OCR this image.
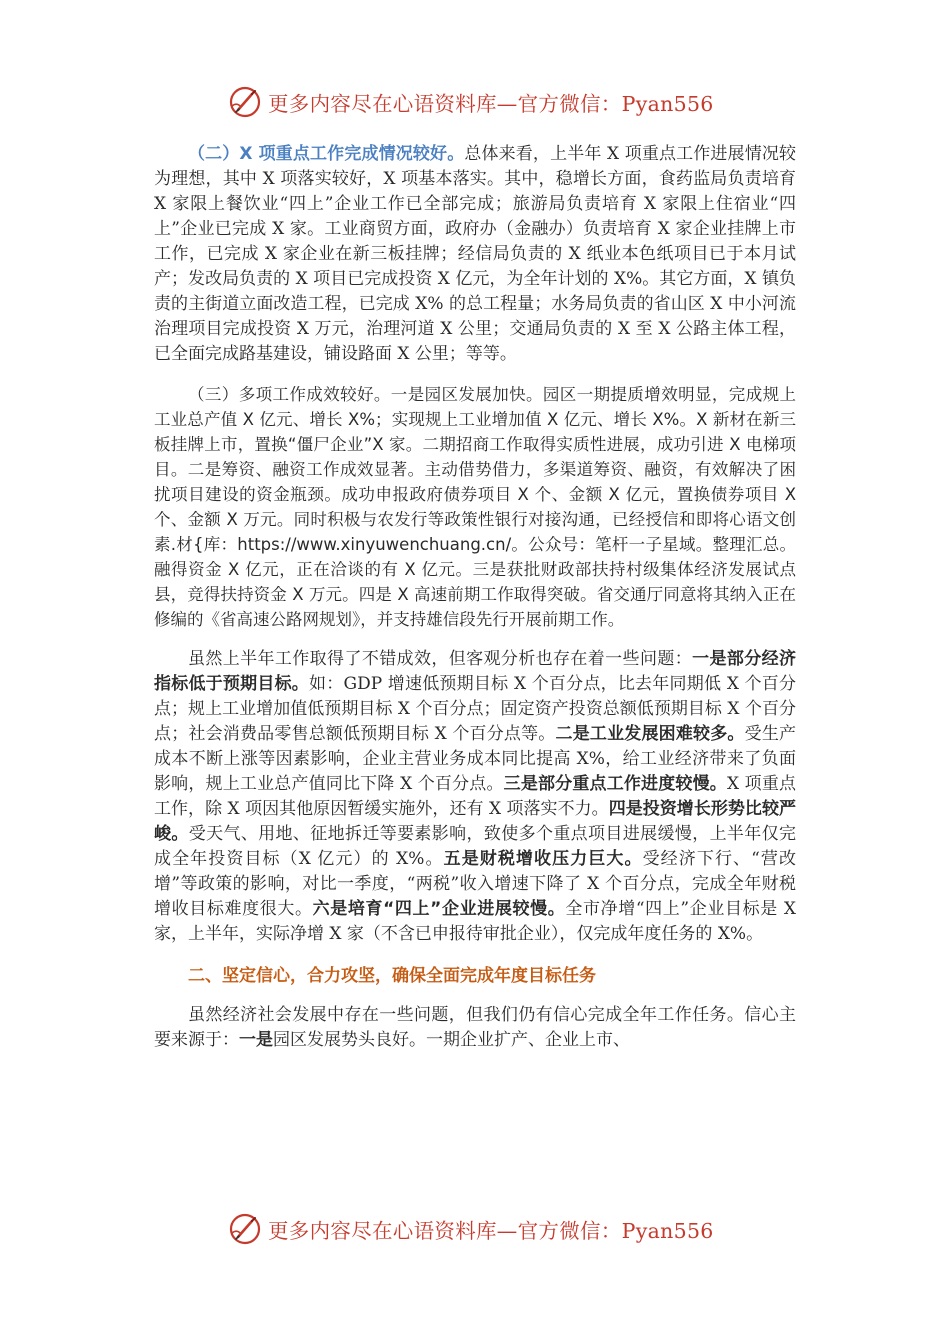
更多内容尽在心语资料库—官方微信：Pyan556

（二）X 项重点工作完成情况较好。总体来看，上半年 X 项重点工作进展情况较为理想，其中 X 项落实较好，X 项基本落实。其中，稳增长方面，食药监局负责培育 X 家限上餐饮业“四上”企业工作已全部完成；旅游局负责培育 X 家限上住宿业“四上”企业已完成 X 家。工业商贸方面，政府办（金融办）负责培育 X 家企业挂牌上市工作，已完成 X 家企业在新三板挂牌；经信局负责的 X 纸业本色纸项目已于本月试产；发改局负责的 X 项目已完成投资 X 亿元，为全年计划的 X%。其它方面，X 镇负责的主街道立面改造工程，已完成 X% 的总工程量；水务局负责的省山区 X 中小河流治理项目完成投资 X 万元，治理河道 X 公里；交通局负责的 X 至 X 公路主体工程，已全面完成路基建设，铺设路面 X 公里；等等。

（三）多项工作成效较好。一是园区发展加快。园区一期提质增效明显，完成规上工业总产值 X 亿元、增长 X%；实现规上工业增加值 X 亿元、增长 X%。X 新材在新三板挂牌上市，置换“僵尸企业”X 家。二期招商工作取得实质性进展，成功引进 X 电梯项目。二是筹资、融资工作成效显著。主动借势借力，多渠道筹资、融资，有效解决了困扰项目建设的资金瓶颈。成功申报政府债券项目 X 个、金额 X 亿元，置换债券项目 X 个、金额 X 万元。同时积极与农发行等政策性银行对接沟通，已经授信和即将心语文创素.材{库：https://www.xinyuwenchuang.cn/。公众号：笔杆一子星域。整理汇总。融得资金 X 亿元，正在洽谈的有 X 亿元。三是获批财政部扶持村级集体经济发展试点县，竞得扶持资金 X 万元。四是 X 高速前期工作取得突破。省交通厅同意将其纳入正在修编的《省高速公路网规划》，并支持雄信段先行开展前期工作。

虽然上半年工作取得了不错成效，但客观分析也存在着一些问题：一是部分经济指标低于预期目标。如：GDP 增速低预期目标 X 个百分点，比去年同期低 X 个百分点；规上工业增加值低预期目标 X 个百分点；固定资产投资总额低预期目标 X 个百分点；社会消费品零售总额低预期目标 X 个百分点等。二是工业发展困难较多。受生产成本不断上涨等因素影响，企业主营业务成本同比提高 X%，给工业经济带来了负面影响，规上工业总产值同比下降 X 个百分点。三是部分重点工作进度较慢。X 项重点工作，除 X 项因其他原因暂缓实施外，还有 X 项落实不力。四是投资增长形势比较严峻。受天气、用地、征地拆迁等要素影响，致使多个重点项目进展缓慢，上半年仅完成全年投资目标（X 亿元）的 X%。五是财税增收压力巨大。受经济下行、“营改增”等政策的影响，对比一季度，“两税”收入增速下降了 X 个百分点，完成全年财税增收目标难度很大。六是培育“四上”企业进展较慢。全市净增“四上”企业目标是 X 家，上半年，实际净增 X 家（不含已申报待审批企业），仅完成年度任务的 X%。

二、坚定信心，合力攻坚，确保全面完成年度目标任务

虽然经济社会发展中存在一些问题，但我们仍有信心完成全年工作任务。信心主要来源于：一是园区发展势头良好。一期企业扩产、企业上市、

更多内容尽在心语资料库—官方微信：Pyan556
